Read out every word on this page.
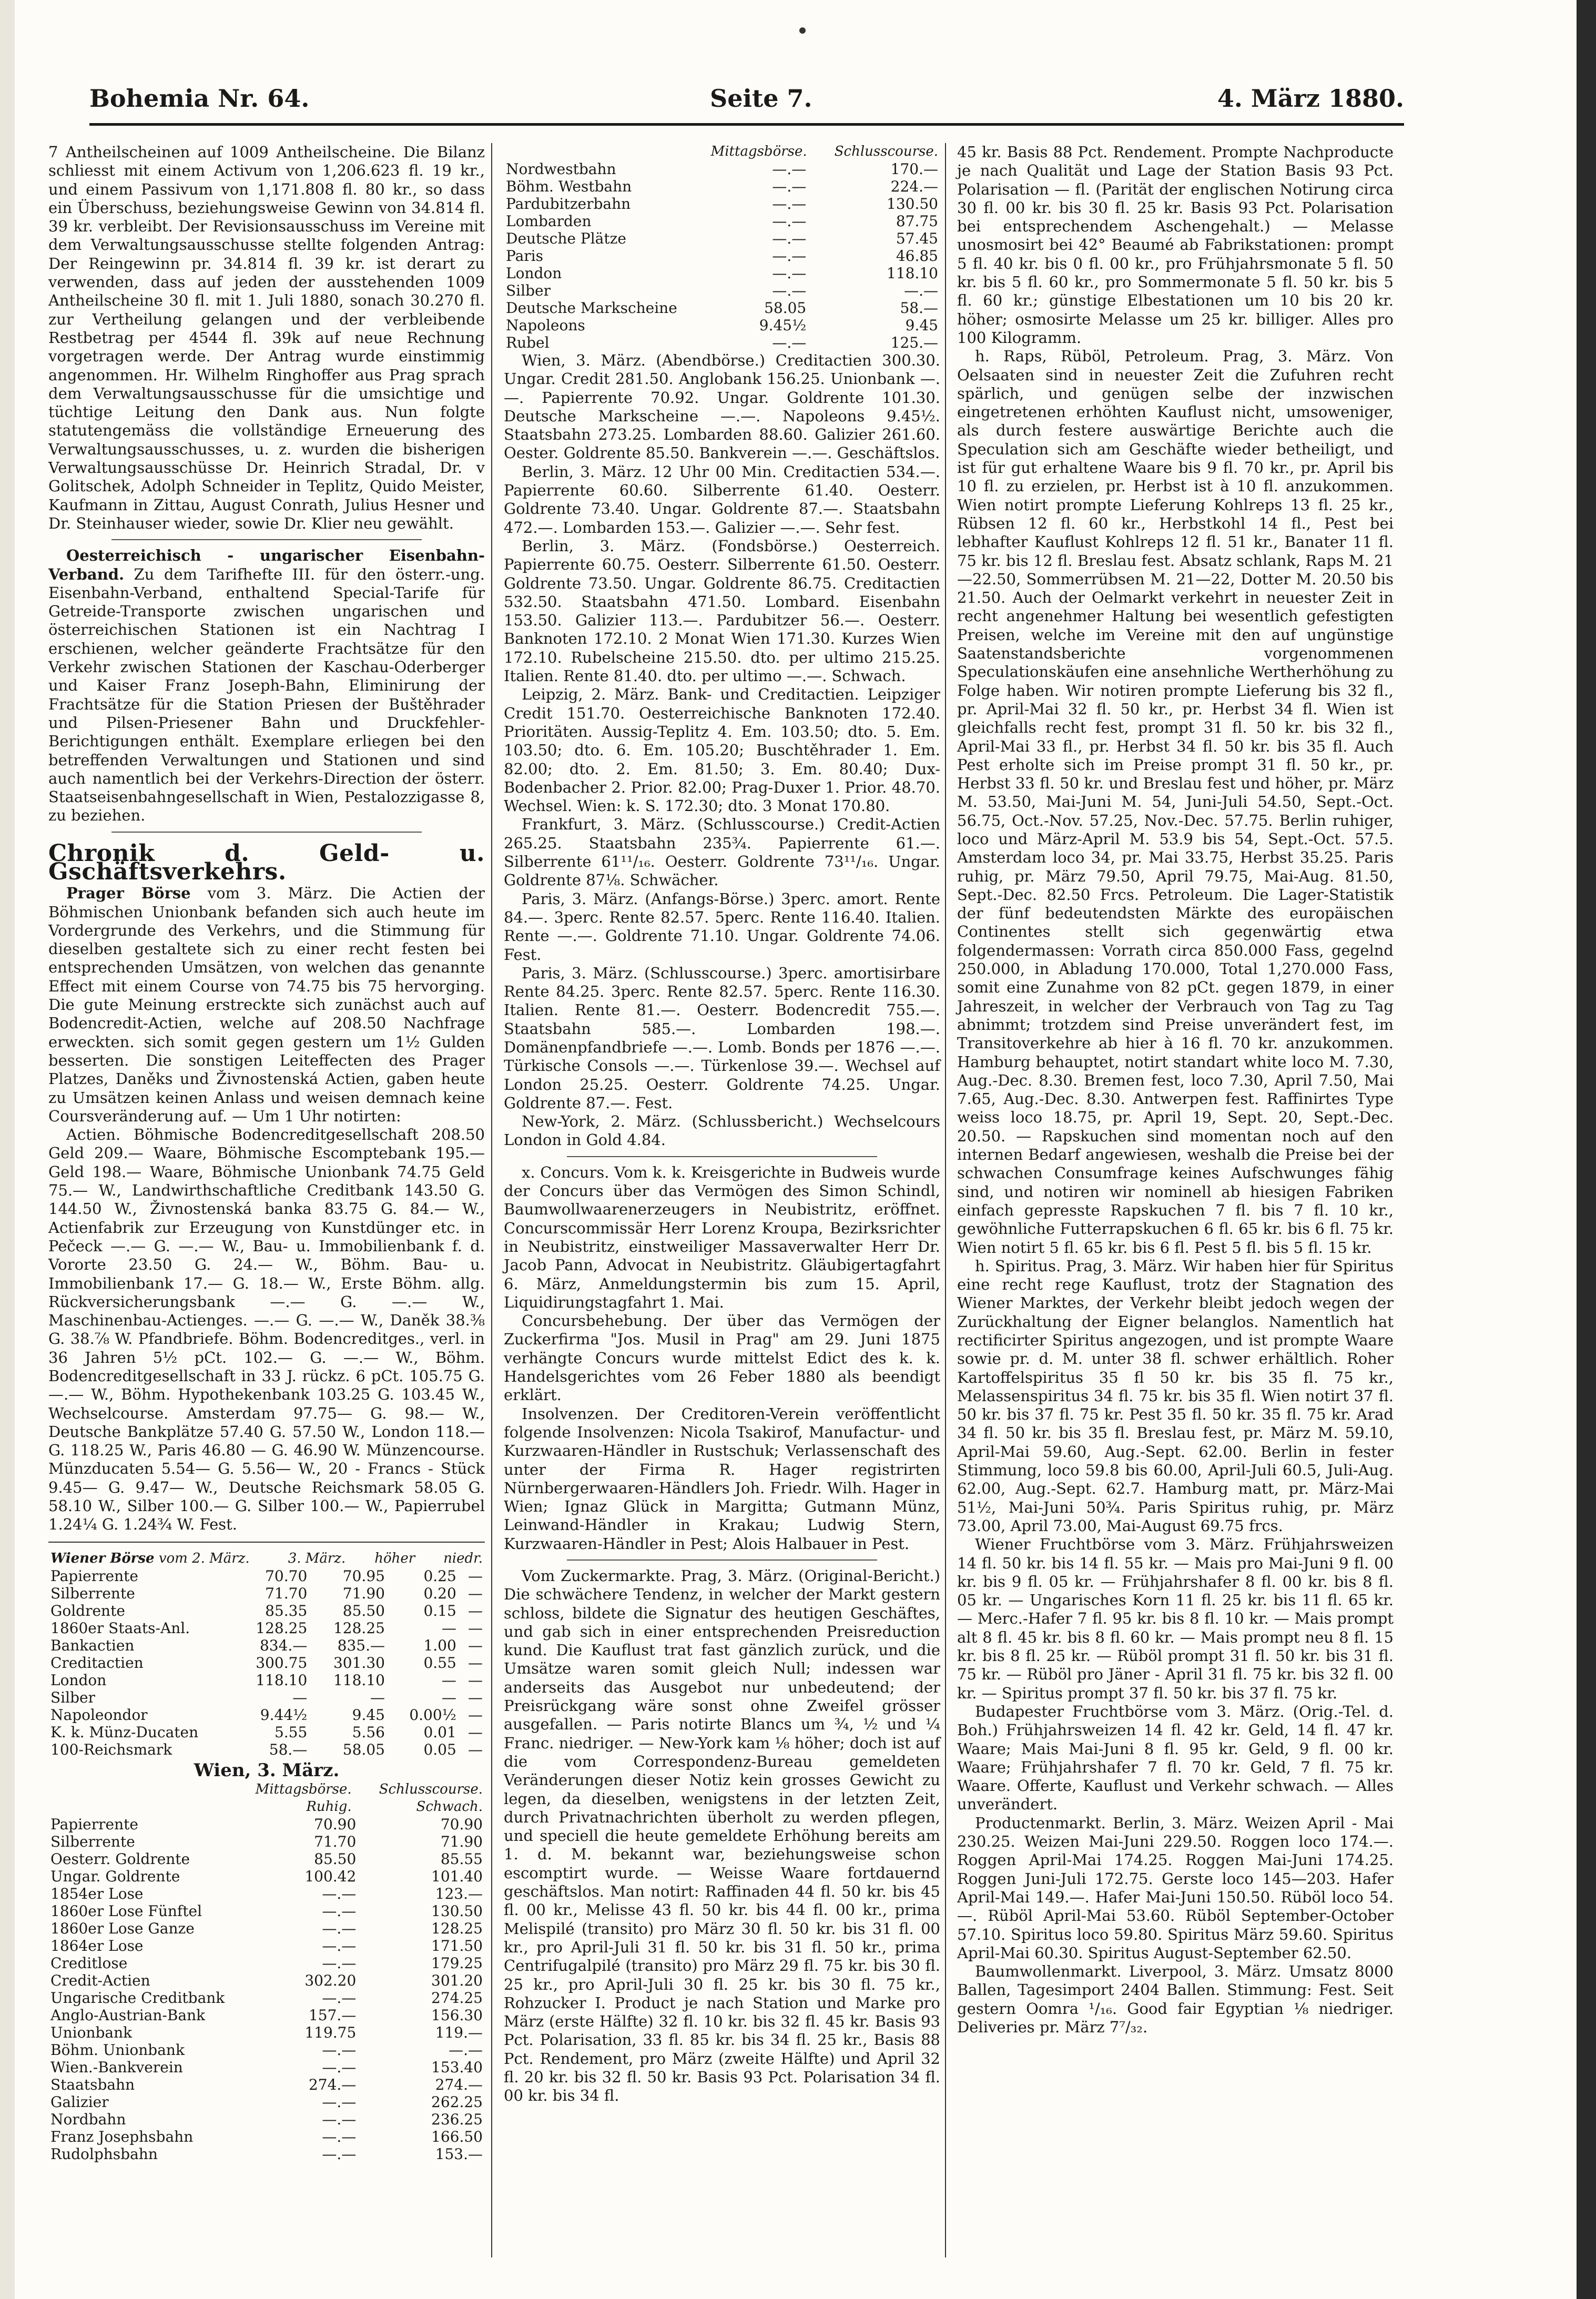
Bohemia Nr. 64.	Seite 7.	4. März 1880.

7 Antheilscheinen auf 1009 Antheilscheine. Die Bilanz schliesst mit einem Activum von 1,206.623 fl. 19 kr., und einem Passivum von 1,171.808 fl. 80 kr., so dass ein Überschuss, beziehungsweise Gewinn von 34.814 fl. 39 kr. verbleibt. Der Revisionsausschuss im Vereine mit dem Verwaltungsausschusse stellte folgenden Antrag: Der Reingewinn pr. 34.814 fl. 39 kr. ist derart zu verwenden, dass auf jeden der ausstehenden 1009 Antheilscheine 30 fl. mit 1. Juli 1880, sonach 30.270 fl. zur Vertheilung gelangen und der verbleibende Restbetrag per 4544 fl. 39k auf neue Rechnung vorgetragen werde. Der Antrag wurde einstimmig angenommen. Hr. Wilhelm Ringhoffer aus Prag sprach dem Verwaltungsausschusse für die umsichtige und tüchtige Leitung den Dank aus. Nun folgte statutengemäss die vollständige Erneuerung des Verwaltungsausschusses, u. z. wurden die bisherigen Verwaltungsausschüsse Dr. Heinrich Stradal, Dr. v Golitschek, Adolph Schneider in Teplitz, Quido Meister, Kaufmann in Zittau, August Conrath, Julius Hesner und Dr. Steinhauser wieder, sowie Dr. Klier neu gewählt.

Oesterreichisch - ungarischer Eisenbahn-Verband. Zu dem Tarifhefte III. für den österr.-ung. Eisenbahn-Verband, enthaltend Special-Tarife für Getreide-Transporte zwischen ungarischen und österreichischen Stationen ist ein Nachtrag I erschienen, welcher geänderte Frachtsätze für den Verkehr zwischen Stationen der Kaschau-Oderberger und Kaiser Franz Joseph-Bahn, Eliminirung der Frachtsätze für die Station Priesen der Buštěhrader und Pilsen-Priesener Bahn und Druckfehler-Berichtigungen enthält. Exemplare erliegen bei den betreffenden Verwaltungen und Stationen und sind auch namentlich bei der Verkehrs-Direction der österr. Staatseisenbahngesellschaft in Wien, Pestalozzigasse 8, zu beziehen.

Chronik d. Geld- u. Gschäftsverkehrs.

Prager Börse vom 3. März. Die Actien der Böhmischen Unionbank befanden sich auch heute im Vordergrunde des Verkehrs, und die Stimmung für dieselben gestaltete sich zu einer recht festen bei entsprechenden Umsätzen, von welchen das genannte Effect mit einem Course von 74.75 bis 75 hervorging. Die gute Meinung erstreckte sich zunächst auch auf Bodencredit-Actien, welche auf 208.50 Nachfrage erweckten. sich somit gegen gestern um 1½ Gulden besserten. Die sonstigen Leiteffecten des Prager Platzes, Daněks und Živnostenská Actien, gaben heute zu Umsätzen keinen Anlass und weisen demnach keine Coursveränderung auf. — Um 1 Uhr notirten:

Actien. Böhmische Bodencreditgesellschaft 208.50 Geld 209.— Waare, Böhmische Escomptebank 195.— Geld 198.— Waare, Böhmische Unionbank 74.75 Geld 75.— W., Landwirthschaftliche Creditbank 143.50 G. 144.50 W., Živnostenská banka 83.75 G. 84.— W., Actienfabrik zur Erzeugung von Kunstdünger etc. in Pečeck —.— G. —.— W., Bau- u. Immobilienbank f. d. Vororte 23.50 G. 24.— W., Böhm. Bau- u. Immobilienbank 17.— G. 18.— W., Erste Böhm. allg. Rückversicherungsbank —.— G. —.— W., Maschinenbau-Actienges. —.— G. —.— W., Daněk 38.⅜ G. 38.⅞ W. Pfandbriefe. Böhm. Bodencreditges., verl. in 36 Jahren 5½ pCt. 102.— G. —.— W., Böhm. Bodencreditgesellschaft in 33 J. rückz. 6 pCt. 105.75 G. —.— W., Böhm. Hypothekenbank 103.25 G. 103.45 W., Wechselcourse. Amsterdam 97.75— G. 98.— W., Deutsche Bankplätze 57.40 G. 57.50 W., London 118.— G. 118.25 W., Paris 46.80 — G. 46.90 W. Münzencourse. Münzducaten 5.54— G. 5.56— W., 20 - Francs - Stück 9.45— G. 9.47— W., Deutsche Reichsmark 58.05 G. 58.10 W., Silber 100.— G. Silber 100.— W., Papierrubel 1.24¼ G. 1.24¾ W. Fest.

Wiener Börse vom 2. März.	3. März.	höher	niedr.
Papierrente	70.70	70.95	0.25	—
Silberrente	71.70	71.90	0.20	—
Goldrente	85.35	85.50	0.15	—
1860er Staats-Anl.	128.25	128.25	—	—
Bankactien	834.—	835.—	1.00	—
Creditactien	300.75	301.30	0.55	—
London	118.10	118.10	—	—
Silber	—	—	—	—
Napoleondor	9.44½	9.45	0.00½	—
K. k. Münz-Ducaten	5.55	5.56	0.01	—
100-Reichsmark	58.—	58.05	0.05	—
Wien, 3. März.
	Mittagsbörse.	Schlusscourse.
	Ruhig.	Schwach.
Papierrente	70.90	70.90
Silberrente	71.70	71.90
Oesterr. Goldrente	85.50	85.55
Ungar. Goldrente	100.42	101.40
1854er Lose	—.—	123.—
1860er Lose Fünftel	—.—	130.50
1860er Lose Ganze	—.—	128.25
1864er Lose	—.—	171.50
Creditlose	—.—	179.25
Credit-Actien	302.20	301.20
Ungarische Creditbank	—.—	274.25
Anglo-Austrian-Bank	157.—	156.30
Unionbank	119.75	119.—
Böhm. Unionbank	—.—	—.—
Wien.-Bankverein	—.—	153.40
Staatsbahn	274.—	274.—
Galizier	—.—	262.25
Nordbahn	—.—	236.25
Franz Josephsbahn	—.—	166.50
Rudolphsbahn	—.—	153.—
	Mittagsbörse.	Schlusscourse.
Nordwestbahn	—.—	170.—
Böhm. Westbahn	—.—	224.—
Pardubitzerbahn	—.—	130.50
Lombarden	—.—	87.75
Deutsche Plätze	—.—	57.45
Paris	—.—	46.85
London	—.—	118.10
Silber	—.—	—.—
Deutsche Markscheine	58.05	58.—
Napoleons	9.45½	9.45
Rubel	—.—	125.—

Wien, 3. März. (Abendbörse.) Creditactien 300.30. Ungar. Credit 281.50. Anglobank 156.25. Unionbank —.—. Papierrente 70.92. Ungar. Goldrente 101.30. Deutsche Markscheine —.—. Napoleons 9.45½. Staatsbahn 273.25. Lombarden 88.60. Galizier 261.60. Oester. Goldrente 85.50. Bankverein —.—. Geschäftslos.

Berlin, 3. März. 12 Uhr 00 Min. Creditactien 534.—. Papierrente 60.60. Silberrente 61.40. Oesterr. Goldrente 73.40. Ungar. Goldrente 87.—. Staatsbahn 472.—. Lombarden 153.—. Galizier —.—. Sehr fest.

Berlin, 3. März. (Fondsbörse.) Oesterreich. Papierrente 60.75. Oesterr. Silberrente 61.50. Oesterr. Goldrente 73.50. Ungar. Goldrente 86.75. Creditactien 532.50. Staatsbahn 471.50. Lombard. Eisenbahn 153.50. Galizier 113.—. Pardubitzer 56.—. Oesterr. Banknoten 172.10. 2 Monat Wien 171.30. Kurzes Wien 172.10. Rubelscheine 215.50. dto. per ultimo 215.25. Italien. Rente 81.40. dto. per ultimo —.—. Schwach.

Leipzig, 2. März. Bank- und Creditactien. Leipziger Credit 151.70. Oesterreichische Banknoten 172.40. Prioritäten. Aussig-Teplitz 4. Em. 103.50; dto. 5. Em. 103.50; dto. 6. Em. 105.20; Buschtěhrader 1. Em. 82.00; dto. 2. Em. 81.50; 3. Em. 80.40; Dux-Bodenbacher 2. Prior. 82.00; Prag-Duxer 1. Prior. 48.70. Wechsel. Wien: k. S. 172.30; dto. 3 Monat 170.80.

Frankfurt, 3. März. (Schlusscourse.) Credit-Actien 265.25. Staatsbahn 235¾. Papierrente 61.—. Silberrente 61¹¹/₁₆. Oesterr. Goldrente 73¹¹/₁₆. Ungar. Goldrente 87⅛. Schwächer.

Paris, 3. März. (Anfangs-Börse.) 3perc. amort. Rente 84.—. 3perc. Rente 82.57. 5perc. Rente 116.40. Italien. Rente —.—. Goldrente 71.10. Ungar. Goldrente 74.06. Fest.

Paris, 3. März. (Schlusscourse.) 3perc. amortisirbare Rente 84.25. 3perc. Rente 82.57. 5perc. Rente 116.30. Italien. Rente 81.—. Oesterr. Bodencredit 755.—. Staatsbahn 585.—. Lombarden 198.—. Domänenpfandbriefe —.—. Lomb. Bonds per 1876 —.—. Türkische Consols —.—. Türkenlose 39.—. Wechsel auf London 25.25. Oesterr. Goldrente 74.25. Ungar. Goldrente 87.—. Fest.

New-York, 2. März. (Schlussbericht.) Wechselcours London in Gold 4.84.

x. Concurs. Vom k. k. Kreisgerichte in Budweis wurde der Concurs über das Vermögen des Simon Schindl, Baumwollwaarenerzeugers in Neubistritz, eröffnet. Concurscommissär Herr Lorenz Kroupa, Bezirksrichter in Neubistritz, einstweiliger Massaverwalter Herr Dr. Jacob Pann, Advocat in Neubistritz. Gläubigertagfahrt 6. März, Anmeldungstermin bis zum 15. April, Liquidirungstagfahrt 1. Mai.

Concursbehebung. Der über das Vermögen der Zuckerfirma "Jos. Musil in Prag" am 29. Juni 1875 verhängte Concurs wurde mittelst Edict des k. k. Handelsgerichtes vom 26 Feber 1880 als beendigt erklärt.

Insolvenzen. Der Creditoren-Verein veröffentlicht folgende Insolvenzen: Nicola Tsakirof, Manufactur- und Kurzwaaren-Händler in Rustschuk; Verlassenschaft des unter der Firma R. Hager registrirten Nürnbergerwaaren-Händlers Joh. Friedr. Wilh. Hager in Wien; Ignaz Glück in Margitta; Gutmann Münz, Leinwand-Händler in Krakau; Ludwig Stern, Kurzwaaren-Händler in Pest; Alois Halbauer in Pest.

Vom Zuckermarkte. Prag, 3. März. (Original-Bericht.) Die schwächere Tendenz, in welcher der Markt gestern schloss, bildete die Signatur des heutigen Geschäftes, und gab sich in einer entsprechenden Preisreduction kund. Die Kauflust trat fast gänzlich zurück, und die Umsätze waren somit gleich Null; indessen war anderseits das Ausgebot nur unbedeutend; der Preisrückgang wäre sonst ohne Zweifel grösser ausgefallen. — Paris notirte Blancs um ¾, ½ und ¼ Franc. niedriger. — New-York kam ⅛ höher; doch ist auf die vom Correspondenz-Bureau gemeldeten Veränderungen dieser Notiz kein grosses Gewicht zu legen, da dieselben, wenigstens in der letzten Zeit, durch Privatnachrichten überholt zu werden pflegen, und speciell die heute gemeldete Erhöhung bereits am 1. d. M. bekannt war, beziehungsweise schon escomptirt wurde. — Weisse Waare fortdauernd geschäftslos. Man notirt: Raffinaden 44 fl. 50 kr. bis 45 fl. 00 kr., Melisse 43 fl. 50 kr. bis 44 fl. 00 kr., prima Melispilé (transito) pro März 30 fl. 50 kr. bis 31 fl. 00 kr., pro April-Juli 31 fl. 50 kr. bis 31 fl. 50 kr., prima Centrifugalpilé (transito) pro März 29 fl. 75 kr. bis 30 fl. 25 kr., pro April-Juli 30 fl. 25 kr. bis 30 fl. 75 kr., Rohzucker I. Product je nach Station und Marke pro März (erste Hälfte) 32 fl. 10 kr. bis 32 fl. 45 kr. Basis 93 Pct. Polarisation, 33 fl. 85 kr. bis 34 fl. 25 kr., Basis 88 Pct. Rendement, pro März (zweite Hälfte) und April 32 fl. 20 kr. bis 32 fl. 50 kr. Basis 93 Pct. Polarisation 34 fl. 00 kr. bis 34 fl.

45 kr. Basis 88 Pct. Rendement. Prompte Nachproducte je nach Qualität und Lage der Station Basis 93 Pct. Polarisation — fl. (Parität der englischen Notirung circa 30 fl. 00 kr. bis 30 fl. 25 kr. Basis 93 Pct. Polarisation bei entsprechendem Aschengehalt.) — Melasse unosmosirt bei 42° Beaumé ab Fabrikstationen: prompt 5 fl. 40 kr. bis 0 fl. 00 kr., pro Frühjahrsmonate 5 fl. 50 kr. bis 5 fl. 60 kr., pro Sommermonate 5 fl. 50 kr. bis 5 fl. 60 kr.; günstige Elbestationen um 10 bis 20 kr. höher; osmosirte Melasse um 25 kr. billiger. Alles pro 100 Kilogramm.

h. Raps, Rüböl, Petroleum. Prag, 3. März. Von Oelsaaten sind in neuester Zeit die Zufuhren recht spärlich, und genügen selbe der inzwischen eingetretenen erhöhten Kauflust nicht, umsoweniger, als durch festere auswärtige Berichte auch die Speculation sich am Geschäfte wieder betheiligt, und ist für gut erhaltene Waare bis 9 fl. 70 kr., pr. April bis 10 fl. zu erzielen, pr. Herbst ist à 10 fl. anzukommen. Wien notirt prompte Lieferung Kohlreps 13 fl. 25 kr., Rübsen 12 fl. 60 kr., Herbstkohl 14 fl., Pest bei lebhafter Kauflust Kohlreps 12 fl. 51 kr., Banater 11 fl. 75 kr. bis 12 fl. Breslau fest. Absatz schlank, Raps M. 21—22.50, Sommerrübsen M. 21—22, Dotter M. 20.50 bis 21.50. Auch der Oelmarkt verkehrt in neuester Zeit in recht angenehmer Haltung bei wesentlich gefestigten Preisen, welche im Vereine mit den auf ungünstige Saatenstandsberichte vorgenommenen Speculationskäufen eine ansehnliche Wertherhöhung zu Folge haben. Wir notiren prompte Lieferung bis 32 fl., pr. April-Mai 32 fl. 50 kr., pr. Herbst 34 fl. Wien ist gleichfalls recht fest, prompt 31 fl. 50 kr. bis 32 fl., April-Mai 33 fl., pr. Herbst 34 fl. 50 kr. bis 35 fl. Auch Pest erholte sich im Preise prompt 31 fl. 50 kr., pr. Herbst 33 fl. 50 kr. und Breslau fest und höher, pr. März M. 53.50, Mai-Juni M. 54, Juni-Juli 54.50, Sept.-Oct. 56.75, Oct.-Nov. 57.25, Nov.-Dec. 57.75. Berlin ruhiger, loco und März-April M. 53.9 bis 54, Sept.-Oct. 57.5. Amsterdam loco 34, pr. Mai 33.75, Herbst 35.25. Paris ruhig, pr. März 79.50, April 79.75, Mai-Aug. 81.50, Sept.-Dec. 82.50 Frcs. Petroleum. Die Lager-Statistik der fünf bedeutendsten Märkte des europäischen Continentes stellt sich gegenwärtig etwa folgendermassen: Vorrath circa 850.000 Fass, gegelnd 250.000, in Abladung 170.000, Total 1,270.000 Fass, somit eine Zunahme von 82 pCt. gegen 1879, in einer Jahreszeit, in welcher der Verbrauch von Tag zu Tag abnimmt; trotzdem sind Preise unverändert fest, im Transitoverkehre ab hier à 16 fl. 70 kr. anzukommen. Hamburg behauptet, notirt standart white loco M. 7.30, Aug.-Dec. 8.30. Bremen fest, loco 7.30, April 7.50, Mai 7.65, Aug.-Dec. 8.30. Antwerpen fest. Raffinirtes Type weiss loco 18.75, pr. April 19, Sept. 20, Sept.-Dec. 20.50. — Rapskuchen sind momentan noch auf den internen Bedarf angewiesen, weshalb die Preise bei der schwachen Consumfrage keines Aufschwunges fähig sind, und notiren wir nominell ab hiesigen Fabriken einfach gepresste Rapskuchen 7 fl. bis 7 fl. 10 kr., gewöhnliche Futterrapskuchen 6 fl. 65 kr. bis 6 fl. 75 kr. Wien notirt 5 fl. 65 kr. bis 6 fl. Pest 5 fl. bis 5 fl. 15 kr.

h. Spiritus. Prag, 3. März. Wir haben hier für Spiritus eine recht rege Kauflust, trotz der Stagnation des Wiener Marktes, der Verkehr bleibt jedoch wegen der Zurückhaltung der Eigner belanglos. Namentlich hat rectificirter Spiritus angezogen, und ist prompte Waare sowie pr. d. M. unter 38 fl. schwer erhältlich. Roher Kartoffelspiritus 35 fl 50 kr. bis 35 fl. 75 kr., Melassenspiritus 34 fl. 75 kr. bis 35 fl. Wien notirt 37 fl. 50 kr. bis 37 fl. 75 kr. Pest 35 fl. 50 kr. 35 fl. 75 kr. Arad 34 fl. 50 kr. bis 35 fl. Breslau fest, pr. März M. 59.10, April-Mai 59.60, Aug.-Sept. 62.00. Berlin in fester Stimmung, loco 59.8 bis 60.00, April-Juli 60.5, Juli-Aug. 62.00, Aug.-Sept. 62.7. Hamburg matt, pr. März-Mai 51½, Mai-Juni 50¾. Paris Spiritus ruhig, pr. März 73.00, April 73.00, Mai-August 69.75 frcs.

Wiener Fruchtbörse vom 3. März. Frühjahrsweizen 14 fl. 50 kr. bis 14 fl. 55 kr. — Mais pro Mai-Juni 9 fl. 00 kr. bis 9 fl. 05 kr. — Frühjahrshafer 8 fl. 00 kr. bis 8 fl. 05 kr. — Ungarisches Korn 11 fl. 25 kr. bis 11 fl. 65 kr. — Merc.-Hafer 7 fl. 95 kr. bis 8 fl. 10 kr. — Mais prompt alt 8 fl. 45 kr. bis 8 fl. 60 kr. — Mais prompt neu 8 fl. 15 kr. bis 8 fl. 25 kr. — Rüböl prompt 31 fl. 50 kr. bis 31 fl. 75 kr. — Rüböl pro Jäner - April 31 fl. 75 kr. bis 32 fl. 00 kr. — Spiritus prompt 37 fl. 50 kr. bis 37 fl. 75 kr.

Budapester Fruchtbörse vom 3. März. (Orig.-Tel. d. Boh.) Frühjahrsweizen 14 fl. 42 kr. Geld, 14 fl. 47 kr. Waare; Mais Mai-Juni 8 fl. 95 kr. Geld, 9 fl. 00 kr. Waare; Frühjahrshafer 7 fl. 70 kr. Geld, 7 fl. 75 kr. Waare. Offerte, Kauflust und Verkehr schwach. — Alles unverändert.

Productenmarkt. Berlin, 3. März. Weizen April - Mai 230.25. Weizen Mai-Juni 229.50. Roggen loco 174.—. Roggen April-Mai 174.25. Roggen Mai-Juni 174.25. Roggen Juni-Juli 172.75. Gerste loco 145—203. Hafer April-Mai 149.—. Hafer Mai-Juni 150.50. Rüböl loco 54.—. Rüböl April-Mai 53.60. Rüböl September-October 57.10. Spiritus loco 59.80. Spiritus März 59.60. Spiritus April-Mai 60.30. Spiritus August-September 62.50.

Baumwollenmarkt. Liverpool, 3. März. Umsatz 8000 Ballen, Tagesimport 2404 Ballen. Stimmung: Fest. Seit gestern Oomra ¹/₁₆. Good fair Egyptian ⅛ niedriger. Deliveries pr. März 7⁷/₃₂.
